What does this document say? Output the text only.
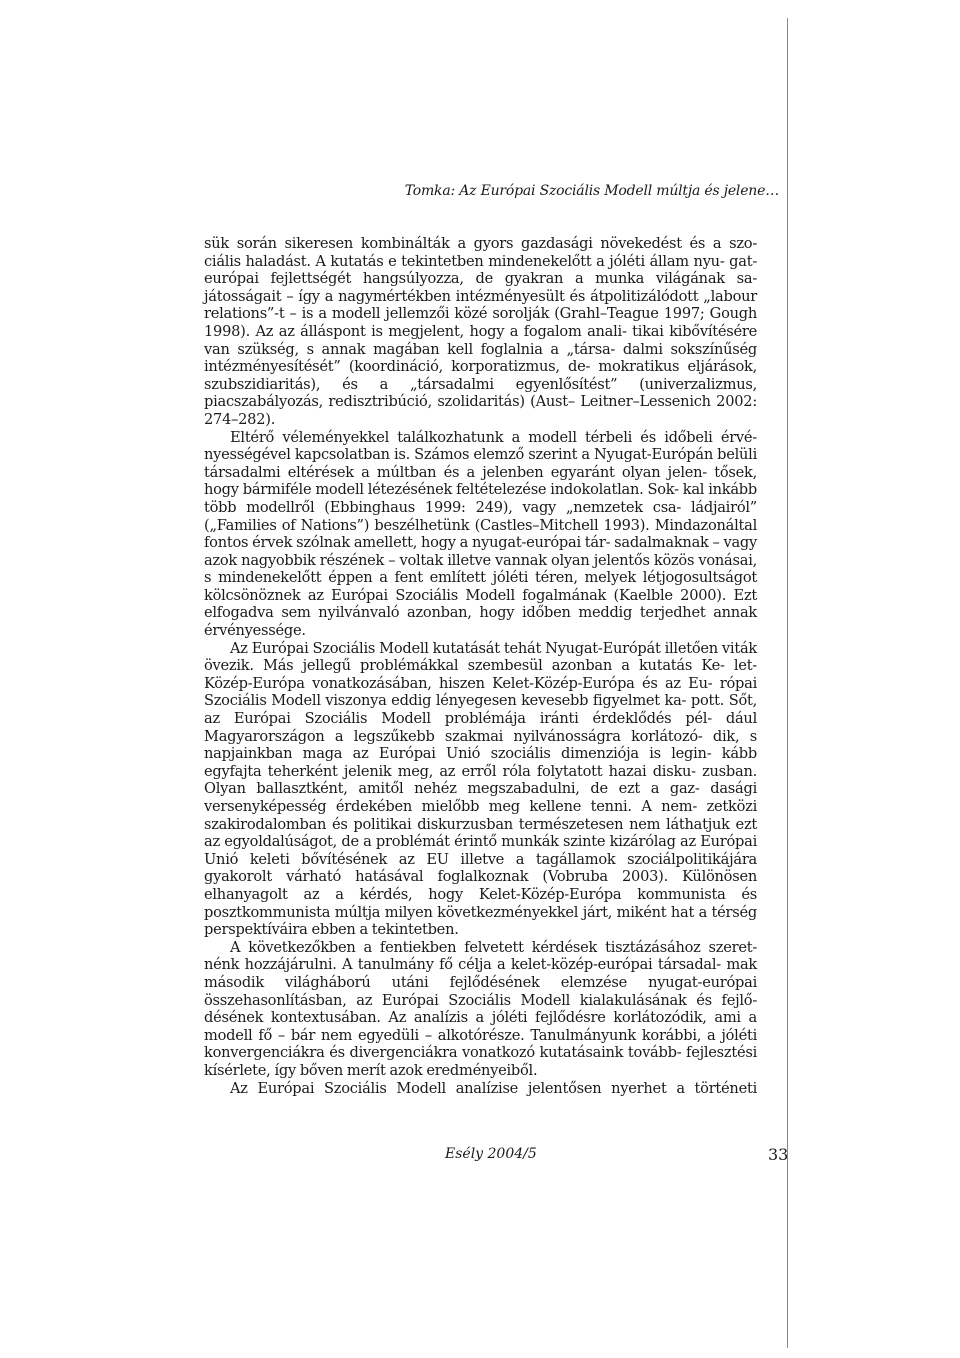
Tomka: Az Európai Szociális Modell múltja és jelene…

sük során sikeresen kombinálták a gyors gazdasági növekedést és a szo- ciális haladást. A kutatás e tekintetben mindenekelőtt a jóléti állam nyu- gat-európai fejlettségét hangsúlyozza, de gyakran a munka világának sa- játosságait – így a nagymértékben intézményesült és átpolitizálódott „labour relations”-t – is a modell jellemzői közé sorolják (Grahl–Teague 1997; Gough 1998). Az az álláspont is megjelent, hogy a fogalom anali- tikai kibővítésére van szükség, s annak magában kell foglalnia a „társa- dalmi sokszínűség intézményesítését” (koordináció, korporatizmus, de- mokratikus eljárások, szubszidiaritás), és a „társadalmi egyenlősítést” (univerzalizmus, piacszabályozás, redisztribúció, szolidaritás) (Aust– Leitner–Lessenich 2002: 274–282).

Eltérő véleményekkel találkozhatunk a modell térbeli és időbeli érvé- nyességével kapcsolatban is. Számos elemző szerint a Nyugat-Európán belüli társadalmi eltérések a múltban és a jelenben egyaránt olyan jelen- tősek, hogy bármiféle modell létezésének feltételezése indokolatlan. Sok- kal inkább több modellről (Ebbinghaus 1999: 249), vagy „nemzetek csa- ládjairól” („Families of Nations”) beszélhetünk (Castles–Mitchell 1993). Mindazonáltal fontos érvek szólnak amellett, hogy a nyugat-európai tár- sadalmaknak – vagy azok nagyobbik részének – voltak illetve vannak olyan jelentős közös vonásai, s mindenekelőtt éppen a fent említett jóléti téren, melyek létjogosultságot kölcsönöznek az Európai Szociális Modell fogalmának (Kaelble 2000). Ezt elfogadva sem nyilvánvaló azonban, hogy időben meddig terjedhet annak érvényessége.

Az Európai Szociális Modell kutatását tehát Nyugat-Európát illetően viták övezik. Más jellegű problémákkal szembesül azonban a kutatás Ke- let-Közép-Európa vonatkozásában, hiszen Kelet-Közép-Európa és az Eu- rópai Szociális Modell viszonya eddig lényegesen kevesebb figyelmet ka- pott. Sőt, az Európai Szociális Modell problémája iránti érdeklődés pél- dául Magyarországon a legszűkebb szakmai nyilvánosságra korlátozó- dik, s napjainkban maga az Európai Unió szociális dimenziója is legin- kább egyfajta teherként jelenik meg, az erről róla folytatott hazai disku- zusban. Olyan ballasztként, amitől nehéz megszabadulni, de ezt a gaz- dasági versenyképesség érdekében mielőbb meg kellene tenni. A nem- zetközi szakirodalomban és politikai diskurzusban természetesen nem láthatjuk ezt az egyoldalúságot, de a problémát érintő munkák szinte kizárólag az Európai Unió keleti bővítésének az EU illetve a tagállamok szociálpolitikájára gyakorolt várható hatásával foglalkoznak (Vobruba 2003). Különösen elhanyagolt az a kérdés, hogy Kelet-Közép-Európa kommunista és posztkommunista múltja milyen következményekkel járt, miként hat a térség perspektíváira ebben a tekintetben.

A következőkben a fentiekben felvetett kérdések tisztázásához szeret- nénk hozzájárulni. A tanulmány fő célja a kelet-közép-európai társadal- mak második világháború utáni fejlődésének elemzése nyugat-európai összehasonlításban, az Európai Szociális Modell kialakulásának és fejlő- désének kontextusában. Az analízis a jóléti fejlődésre korlátozódik, ami a modell fő – bár nem egyedüli – alkotórésze. Tanulmányunk korábbi, a jóléti konvergenciákra és divergenciákra vonatkozó kutatásaink tovább- fejlesztési kísérlete, így bőven merít azok eredményeiből.

Az Európai Szociális Modell analízise jelentősen nyerhet a történeti

Esély 2004/5	33
